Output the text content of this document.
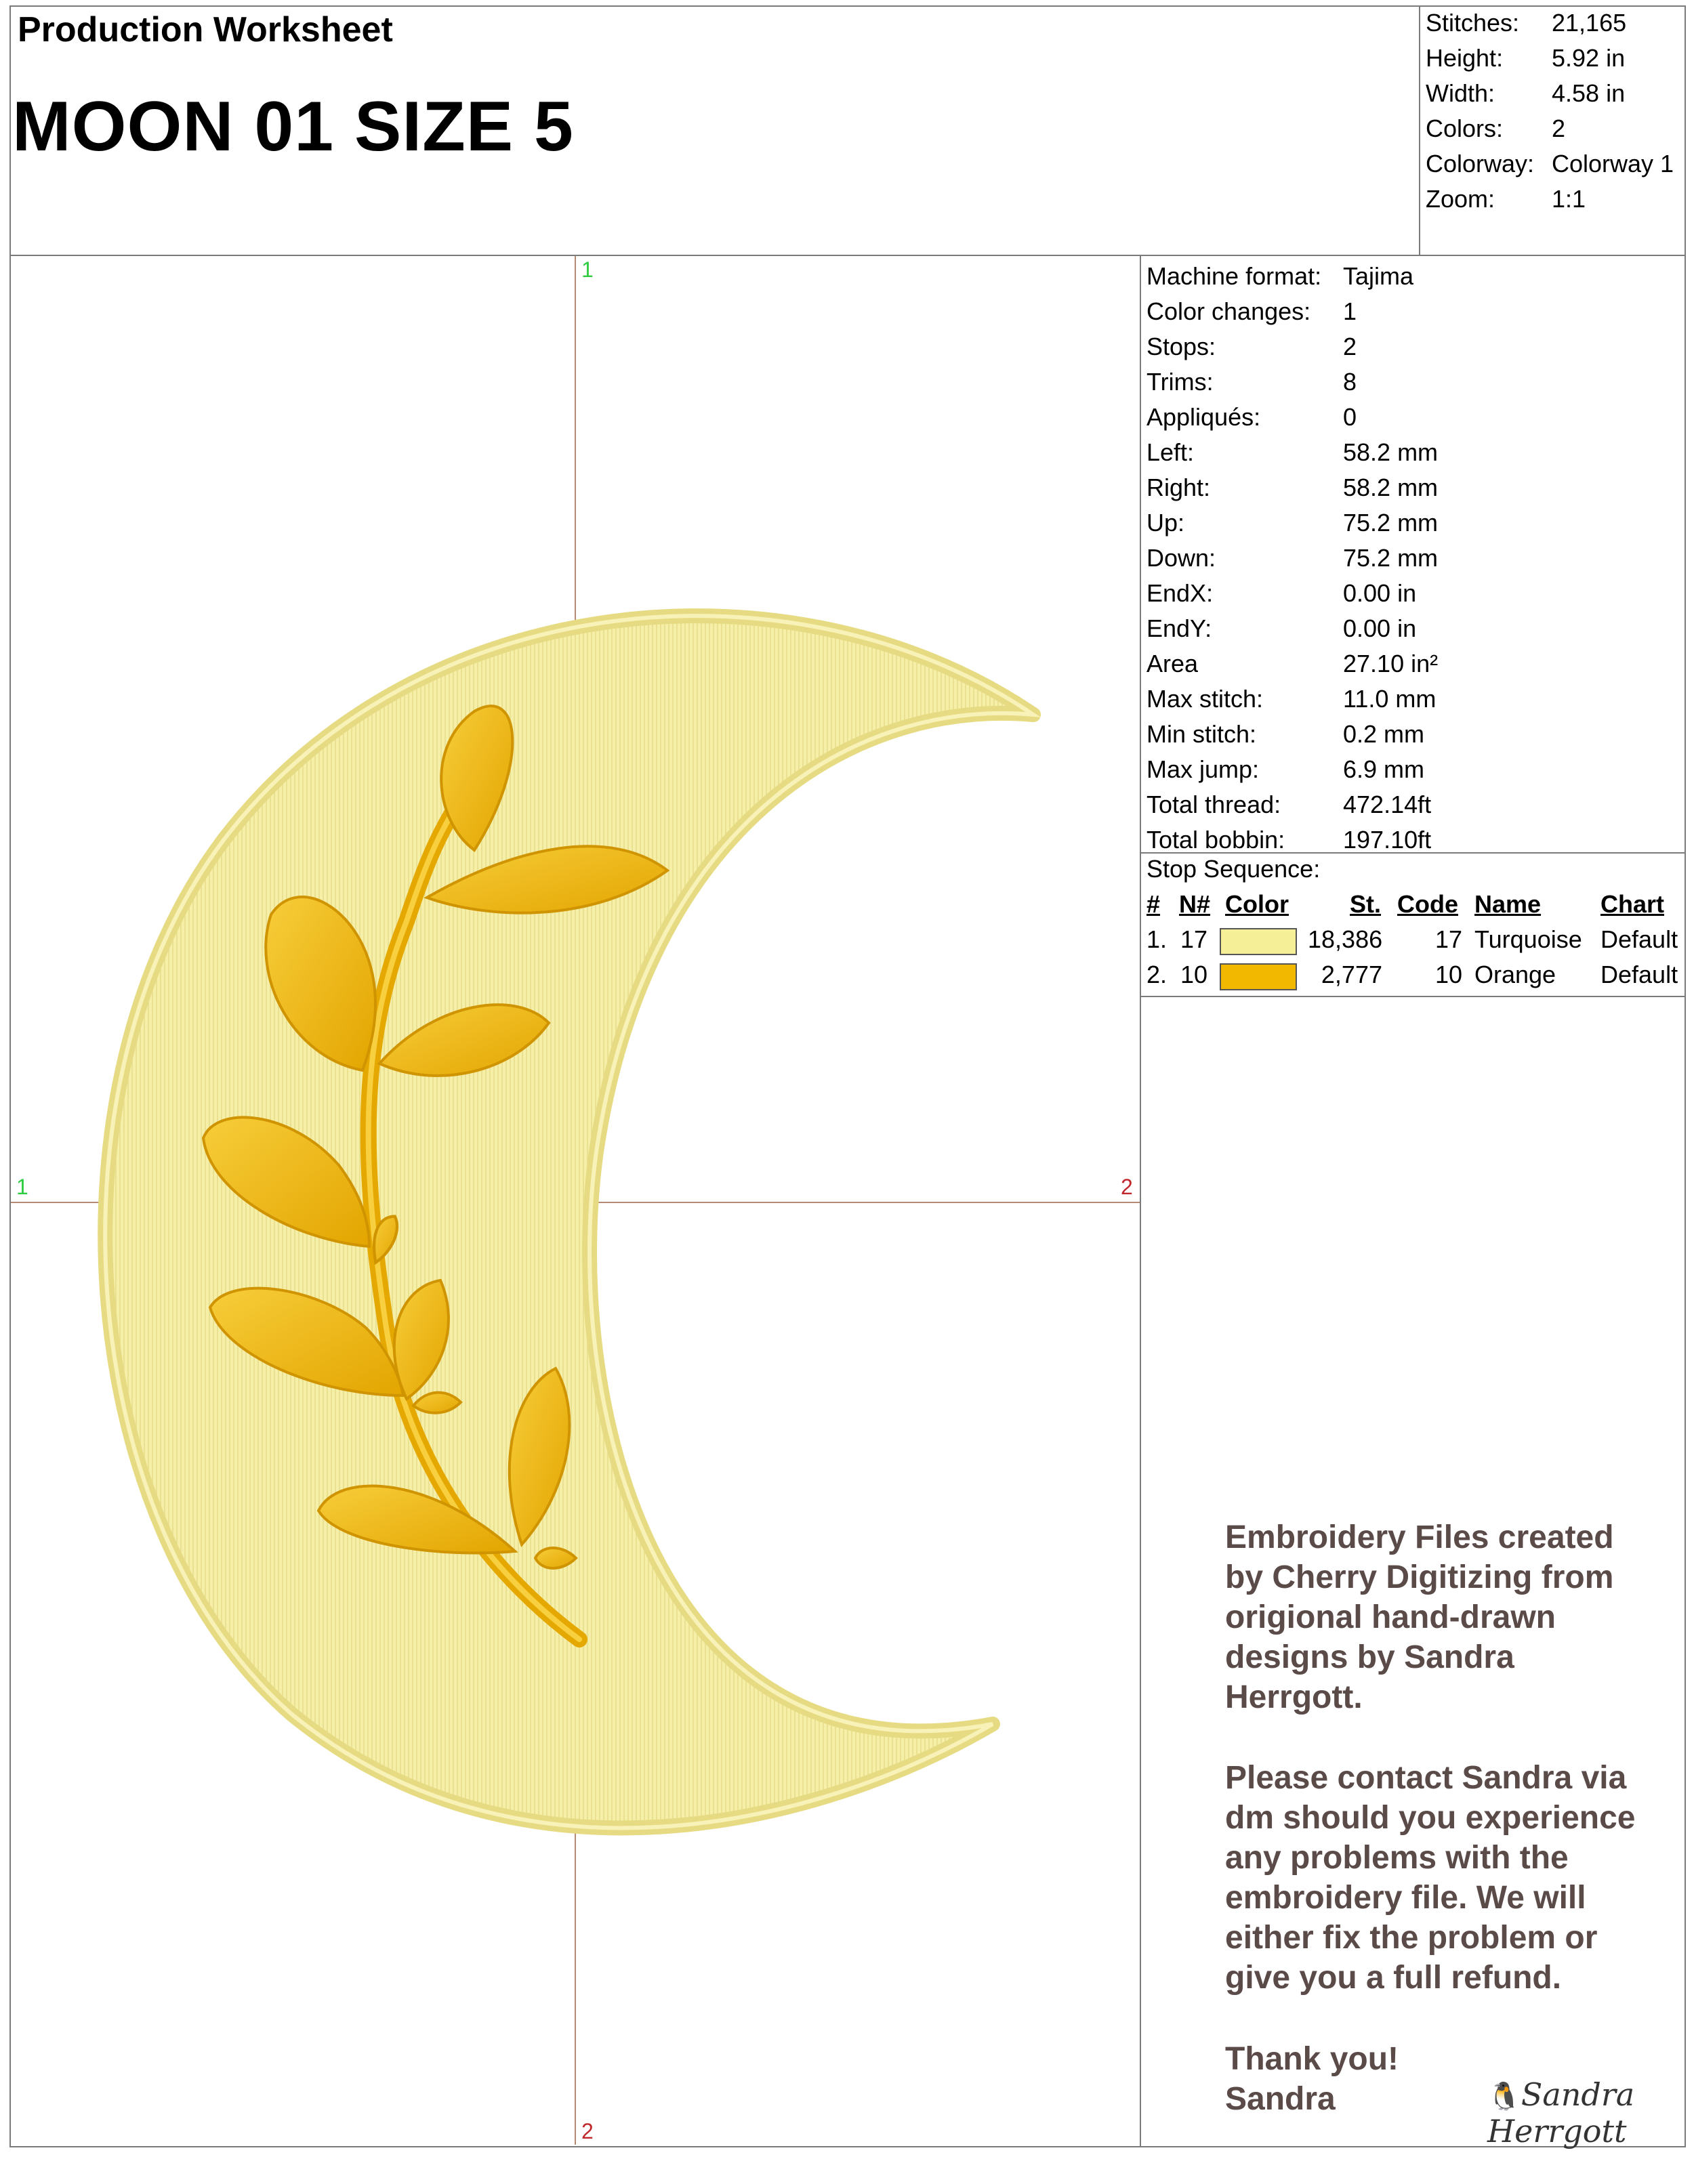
Production Worksheet
MOON 01 SIZE 5
Stitches: 21,165
Height: 5.92 in
Width: 4.58 in
Colors: 2
Colorway: Colorway 1
Zoom: 1:1
Machine format: Tajima
Color changes: 1
Stops:	2
Trims:	8
Appliqués:	0
Left:	58.2 mm
Right:	58.2 mm
Up:	75.2 mm
Down:	75.2 mm
EndX:	0.00 in
EndY:	0.00 in
Area	27.10 in²
Max stitch:	11.0 mm
Min stitch:	0.2 mm
Max jump:	6.9 mm
Total thread:	472.14ft
Total bobbin: 197.10ft
Stop Sequence:
# N# Color	St. Code Name Chart
1. 17	18,386 17 Turquoise Default
2. 10	2,777 10 Orange Default
1
1	2
2
Embroidery Files created
by Cherry Digitizing from
origional hand-drawn
designs by Sandra
Herrgott.
Please contact Sandra via
dm should you experience
any problems with the
embroidery file. We will
either fix the problem or
give you a full refund.
Thank you!
Sandra	🐧Sandra Herrgott
